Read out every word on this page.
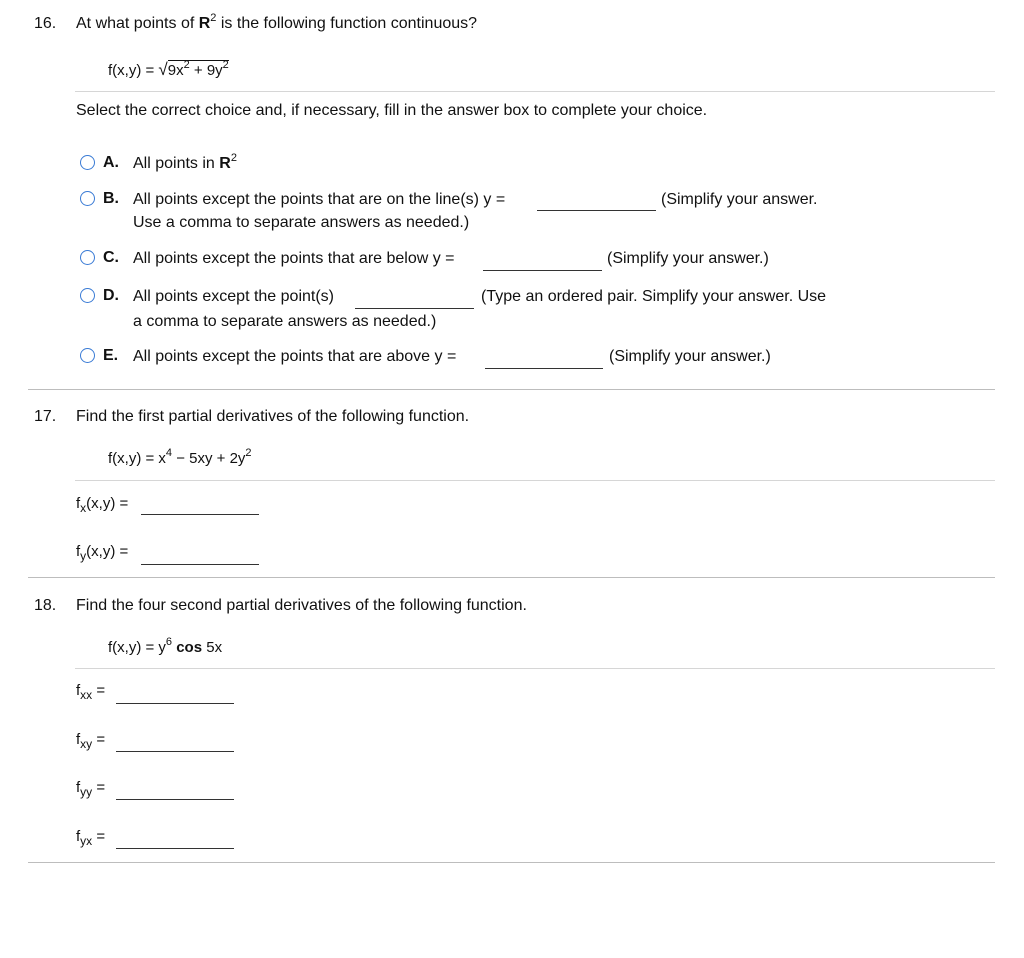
16. At what points of $R^2$ is the following function continuous?
$f(x,y) = √9x^2 + 9y^2$
Select the correct choice and, if necessary, fill in the answer box to complete your choice.
A. All points in $R^2$
B. All points except the points that are on the line(s) y =	(Simplify your answer.
Use a comma to separate answers as needed.)
C. All points except the points that are below y =	(Simplify your answer.)
D. All points except the point(s)	(Type an ordered pair. Simplify your answer. Use
a comma to separate answers as needed.)
E. All points except the points that are above y =	(Simplify your answer.)
17. Find the first partial derivatives of the following function.
$f(x,y) = x^4 - 5xy + 2y^2$
$f_x(x,y)$ =
$f_y(x,y)$ =
18. Find the four second partial derivatives of the following function.
$f(x,y) = y^6$ cos 5x
$f_{xx}$ =
$f_{xy}$ =
$f_{yy}$ =
$f_{yx}$ =
